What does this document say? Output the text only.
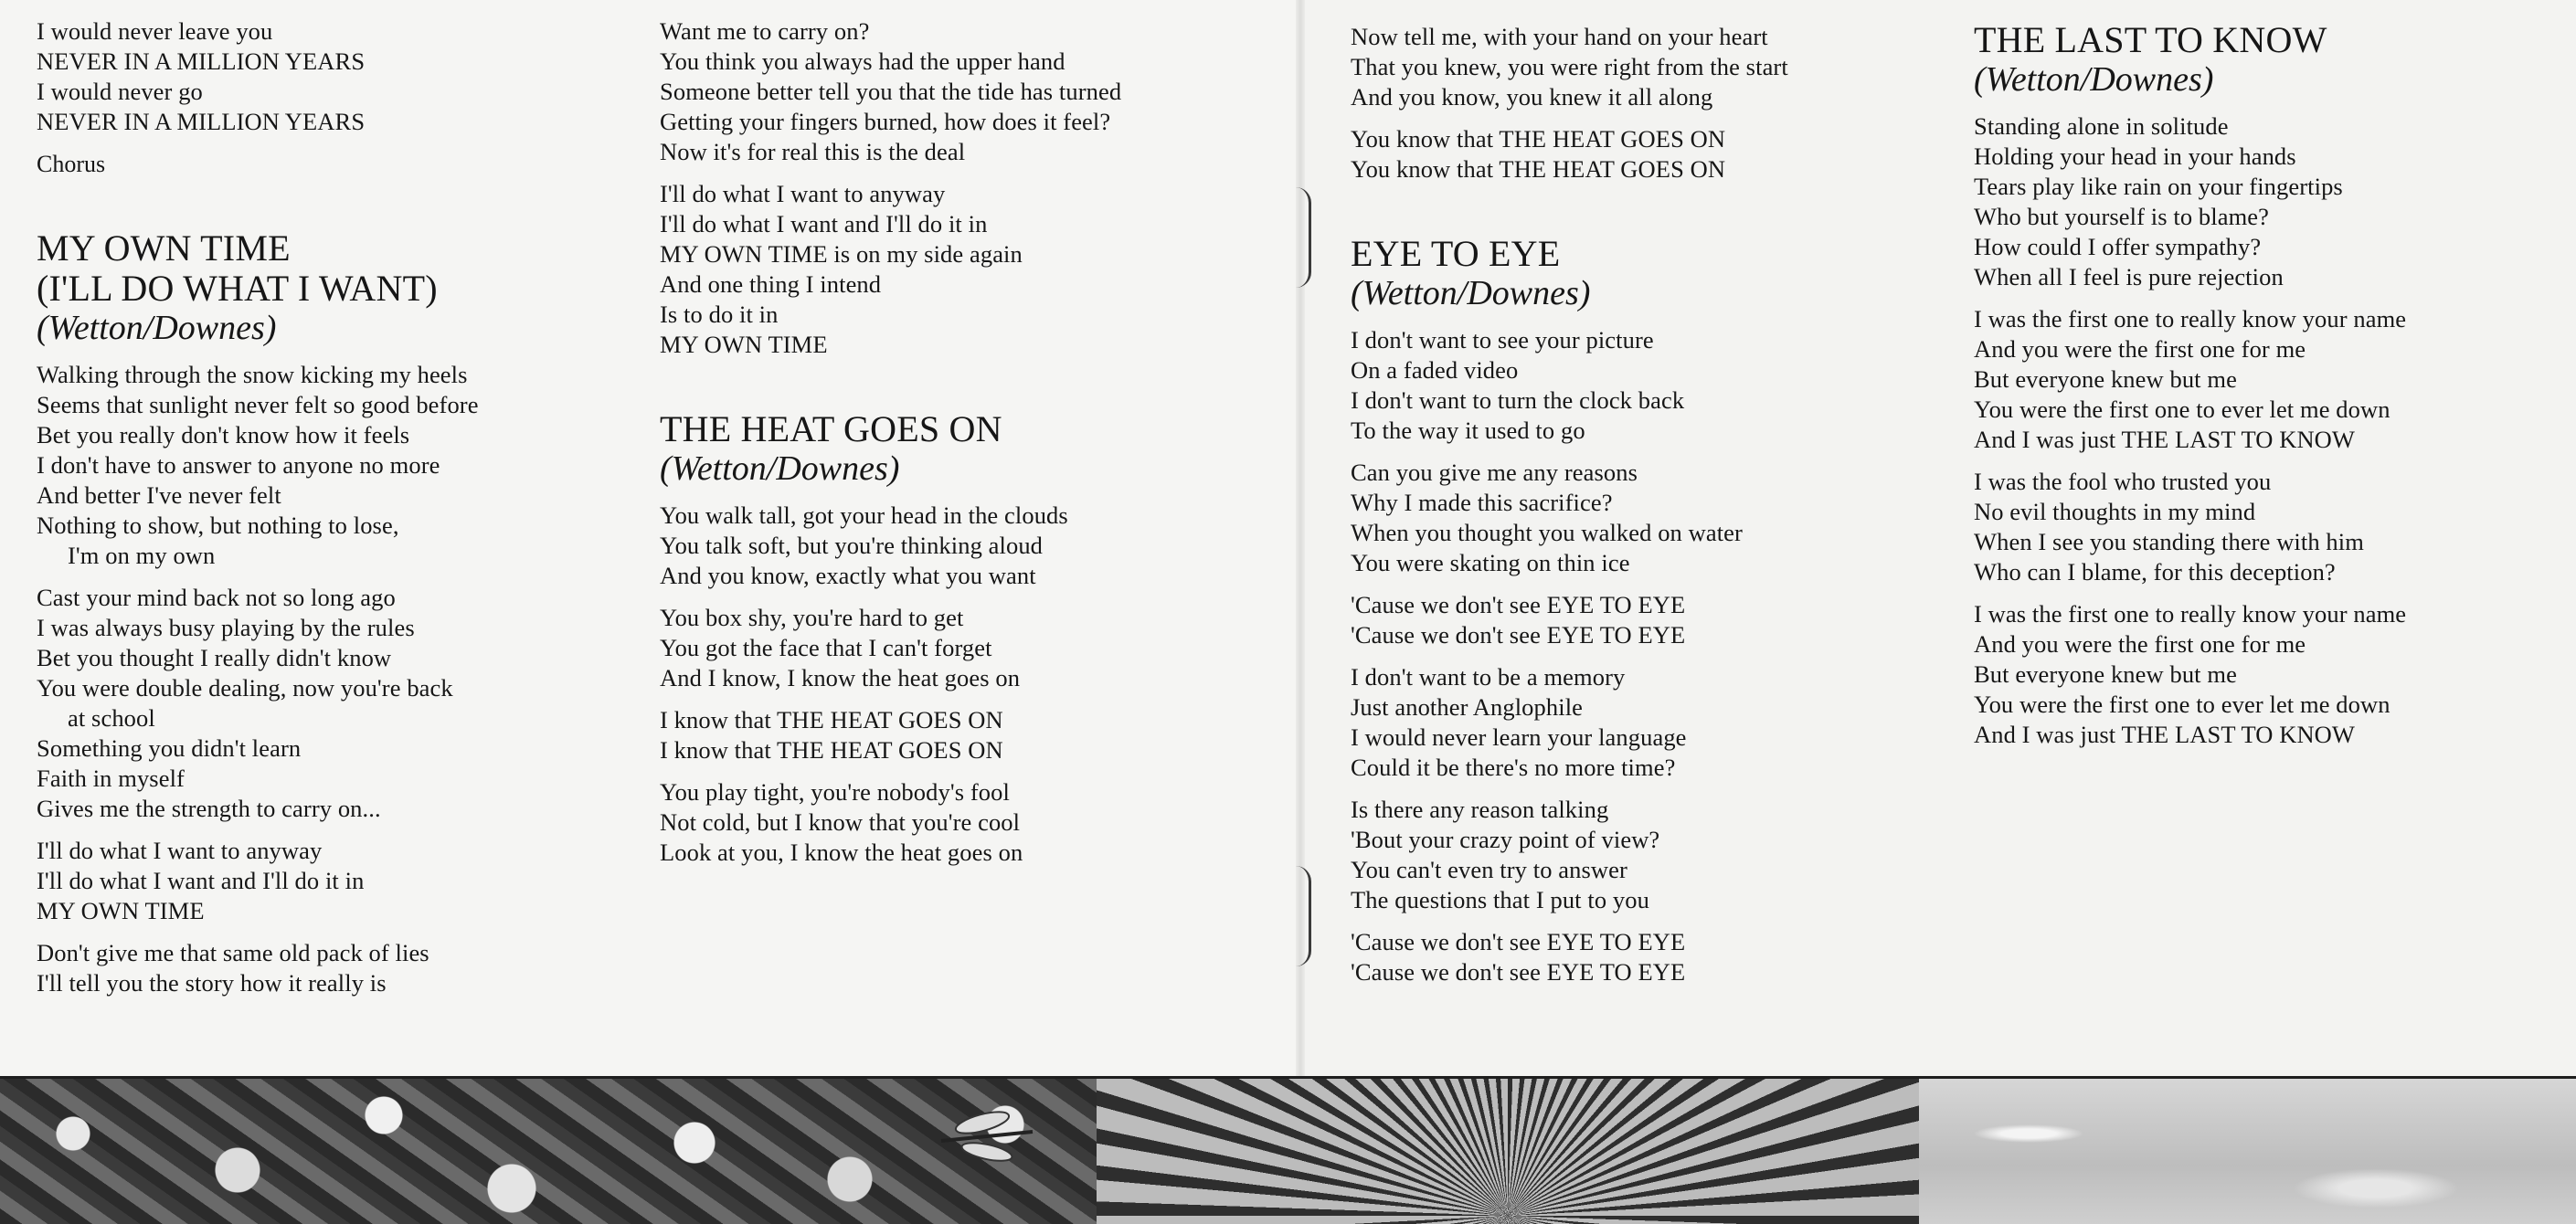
I would never leave you
NEVER IN A MILLION YEARS
I would never go
NEVER IN A MILLION YEARS
Chorus
MY OWN TIME
(I'LL DO WHAT I WANT)
(Wetton/Downes)
Walking through the snow kicking my heels
Seems that sunlight never felt so good before
Bet you really don't know how it feels
I don't have to answer to anyone no more
And better I've never felt
Nothing to show, but nothing to lose,
I'm on my own
Cast your mind back not so long ago
I was always busy playing by the rules
Bet you thought I really didn't know
You were double dealing, now you're back
at school
Something you didn't learn
Faith in myself
Gives me the strength to carry on...
I'll do what I want to anyway
I'll do what I want and I'll do it in
MY OWN TIME
Don't give me that same old pack of lies
I'll tell you the story how it really is
Want me to carry on?
You think you always had the upper hand
Someone better tell you that the tide has turned
Getting your fingers burned, how does it feel?
Now it's for real this is the deal
I'll do what I want to anyway
I'll do what I want and I'll do it in
MY OWN TIME is on my side again
And one thing I intend
Is to do it in
MY OWN TIME
THE HEAT GOES ON
(Wetton/Downes)
You walk tall, got your head in the clouds
You talk soft, but you're thinking aloud
And you know, exactly what you want
You box shy, you're hard to get
You got the face that I can't forget
And I know, I know the heat goes on
I know that THE HEAT GOES ON
I know that THE HEAT GOES ON
You play tight, you're nobody's fool
Not cold, but I know that you're cool
Look at you, I know the heat goes on
Now tell me, with your hand on your heart
That you knew, you were right from the start
And you know, you knew it all along
You know that THE HEAT GOES ON
You know that THE HEAT GOES ON
EYE TO EYE
(Wetton/Downes)
I don't want to see your picture
On a faded video
I don't want to turn the clock back
To the way it used to go
Can you give me any reasons
Why I made this sacrifice?
When you thought you walked on water
You were skating on thin ice
'Cause we don't see EYE TO EYE
'Cause we don't see EYE TO EYE
I don't want to be a memory
Just another Anglophile
I would never learn your language
Could it be there's no more time?
Is there any reason talking
'Bout your crazy point of view?
You can't even try to answer
The questions that I put to you
'Cause we don't see EYE TO EYE
'Cause we don't see EYE TO EYE
THE LAST TO KNOW
(Wetton/Downes)
Standing alone in solitude
Holding your head in your hands
Tears play like rain on your fingertips
Who but yourself is to blame?
How could I offer sympathy?
When all I feel is pure rejection
I was the first one to really know your name
And you were the first one for me
But everyone knew but me
You were the first one to ever let me down
And I was just THE LAST TO KNOW
I was the fool who trusted you
No evil thoughts in my mind
When I see you standing there with him
Who can I blame, for this deception?
I was the first one to really know your name
And you were the first one for me
But everyone knew but me
You were the first one to ever let me down
And I was just THE LAST TO KNOW
